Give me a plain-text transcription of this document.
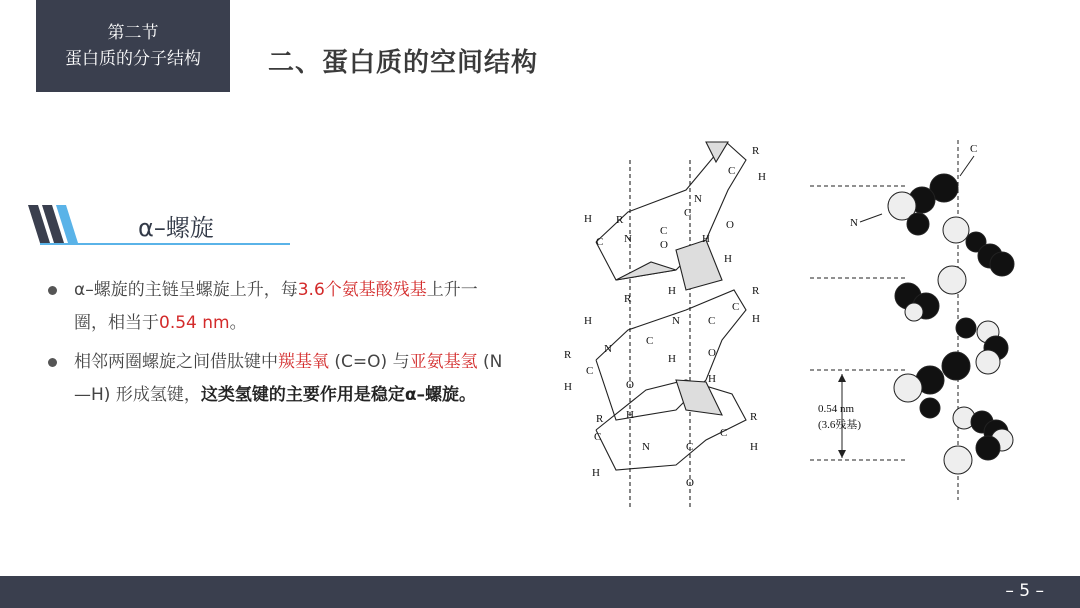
第二节
蛋白质的分子结构	二、蛋白质的空间结构
α–螺旋
α–螺旋的主链呈螺旋上升，每3.6个氨基酸残基上升一圈，相当于0.54 nm。
相邻两圈螺旋之间借肽键中羰基氧 (C=O) 与亚氨基氢 (N—H) 形成氢键，这类氢键的主要作用是稳定α–螺旋。
R
N
C
H
C
O
C
N
H
R
H
C
O
H
H
R
H
N
C
H
N	C
O
H
R
H
C
R
H
C
O
H
R
C
N	C
O
C
R
H
H
0.54 nm
(3.6残基)
C
N
– 5 –
